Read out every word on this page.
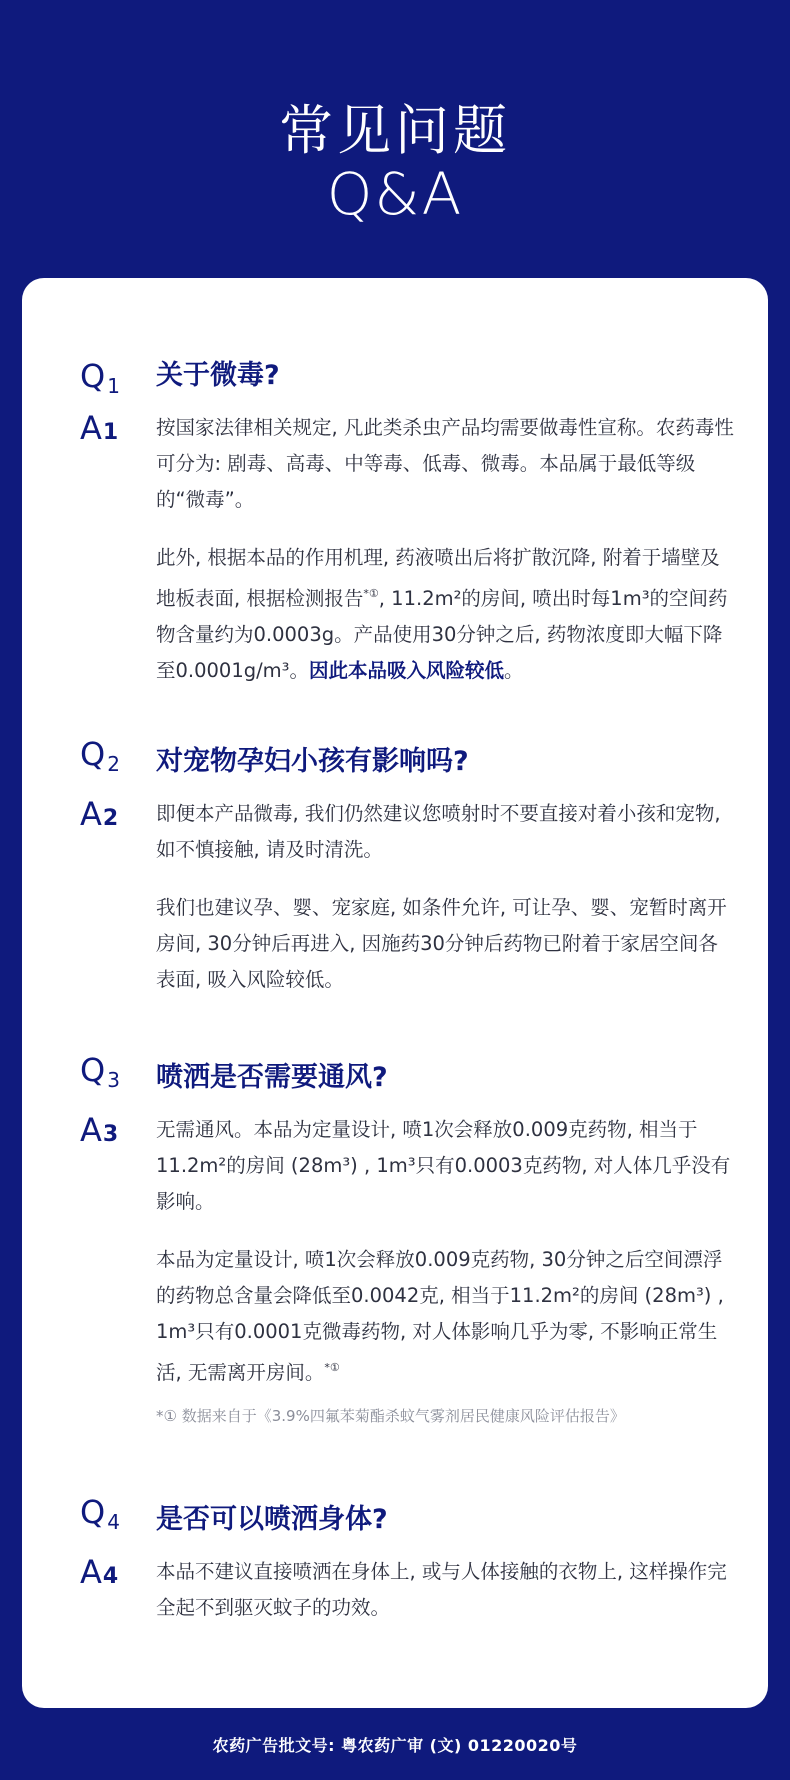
常见问题
Q&A
Q $_1$ 关于微毒?
A1 按国家法律相关规定, 凡此类杀虫产品均需要做毒性宣称。农药毒性可分为: 剧毒、高毒、中等毒、低毒、微毒。本品属于最低等级的“微毒”。
此外, 根据本品的作用机理, 药液喷出后将扩散沉降, 附着于墙壁及地板表面, 根据检测报告*①, 11.2m²的房间, 喷出时每1m³的空间药物含量约为0.0003g。产品使用30分钟之后, 药物浓度即大幅下降至0.0001g/m³。因此本品吸入风险较低。
Q $_2$ 对宠物孕妇小孩有影响吗?
A2 即便本产品微毒, 我们仍然建议您喷射时不要直接对着小孩和宠物, 如不慎接触, 请及时清洗。
我们也建议孕、婴、宠家庭, 如条件允许, 可让孕、婴、宠暂时离开房间, 30分钟后再进入, 因施药30分钟后药物已附着于家居空间各表面, 吸入风险较低。
Q $_3$ 喷洒是否需要通风?
A3 无需通风。本品为定量设计, 喷1次会释放0.009克药物, 相当于11.2m²的房间 (28m³) , 1m³只有0.0003克药物, 对人体几乎没有影响。
本品为定量设计, 喷1次会释放0.009克药物, 30分钟之后空间漂浮的药物总含量会降低至0.0042克, 相当于11.2m²的房间 (28m³) , 1m³只有0.0001克微毒药物, 对人体影响几乎为零, 不影响正常生活, 无需离开房间。*①
*① 数据来自于《3.9%四氟苯菊酯杀蚊气雾剂居民健康风险评估报告》
Q $_4$ 是否可以喷洒身体?
A4 本品不建议直接喷洒在身体上, 或与人体接触的衣物上, 这样操作完全起不到驱灭蚊子的功效。
农药广告批文号: 粤农药广审 (文) 01220020号
